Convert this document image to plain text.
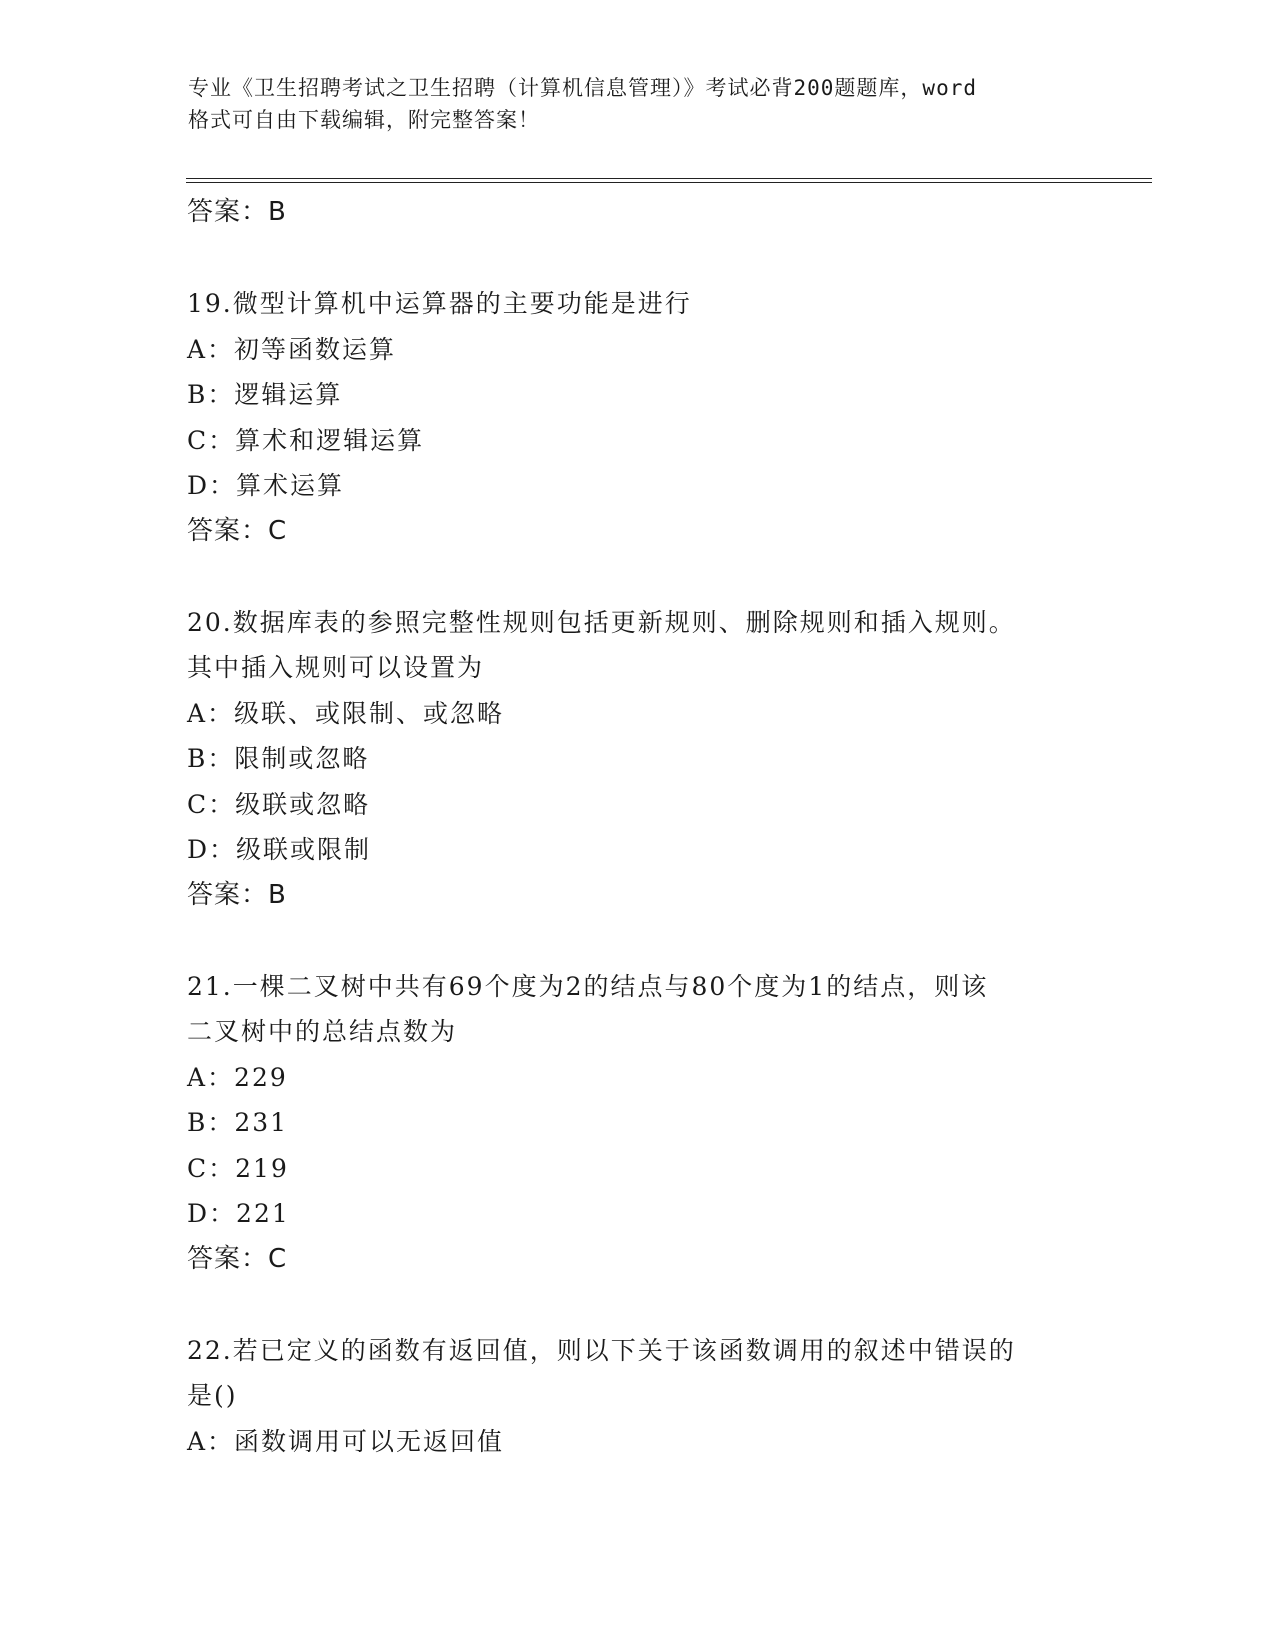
专业《卫生招聘考试之卫生招聘（计算机信息管理）》考试必背200题题库，word
格式可自由下载编辑，附完整答案！
答案：B
19.微型计算机中运算器的主要功能是进行
A：初等函数运算
B：逻辑运算
C：算术和逻辑运算
D：算术运算
答案：C
20.数据库表的参照完整性规则包括更新规则、删除规则和插入规则。
其中插入规则可以设置为
A：级联、或限制、或忽略
B：限制或忽略
C：级联或忽略
D：级联或限制
答案：B
21.一棵二叉树中共有69个度为2的结点与80个度为1的结点，则该
二叉树中的总结点数为
A：229
B：231
C：219
D：221
答案：C
22.若已定义的函数有返回值，则以下关于该函数调用的叙述中错误的
是()
A：函数调用可以无返回值
